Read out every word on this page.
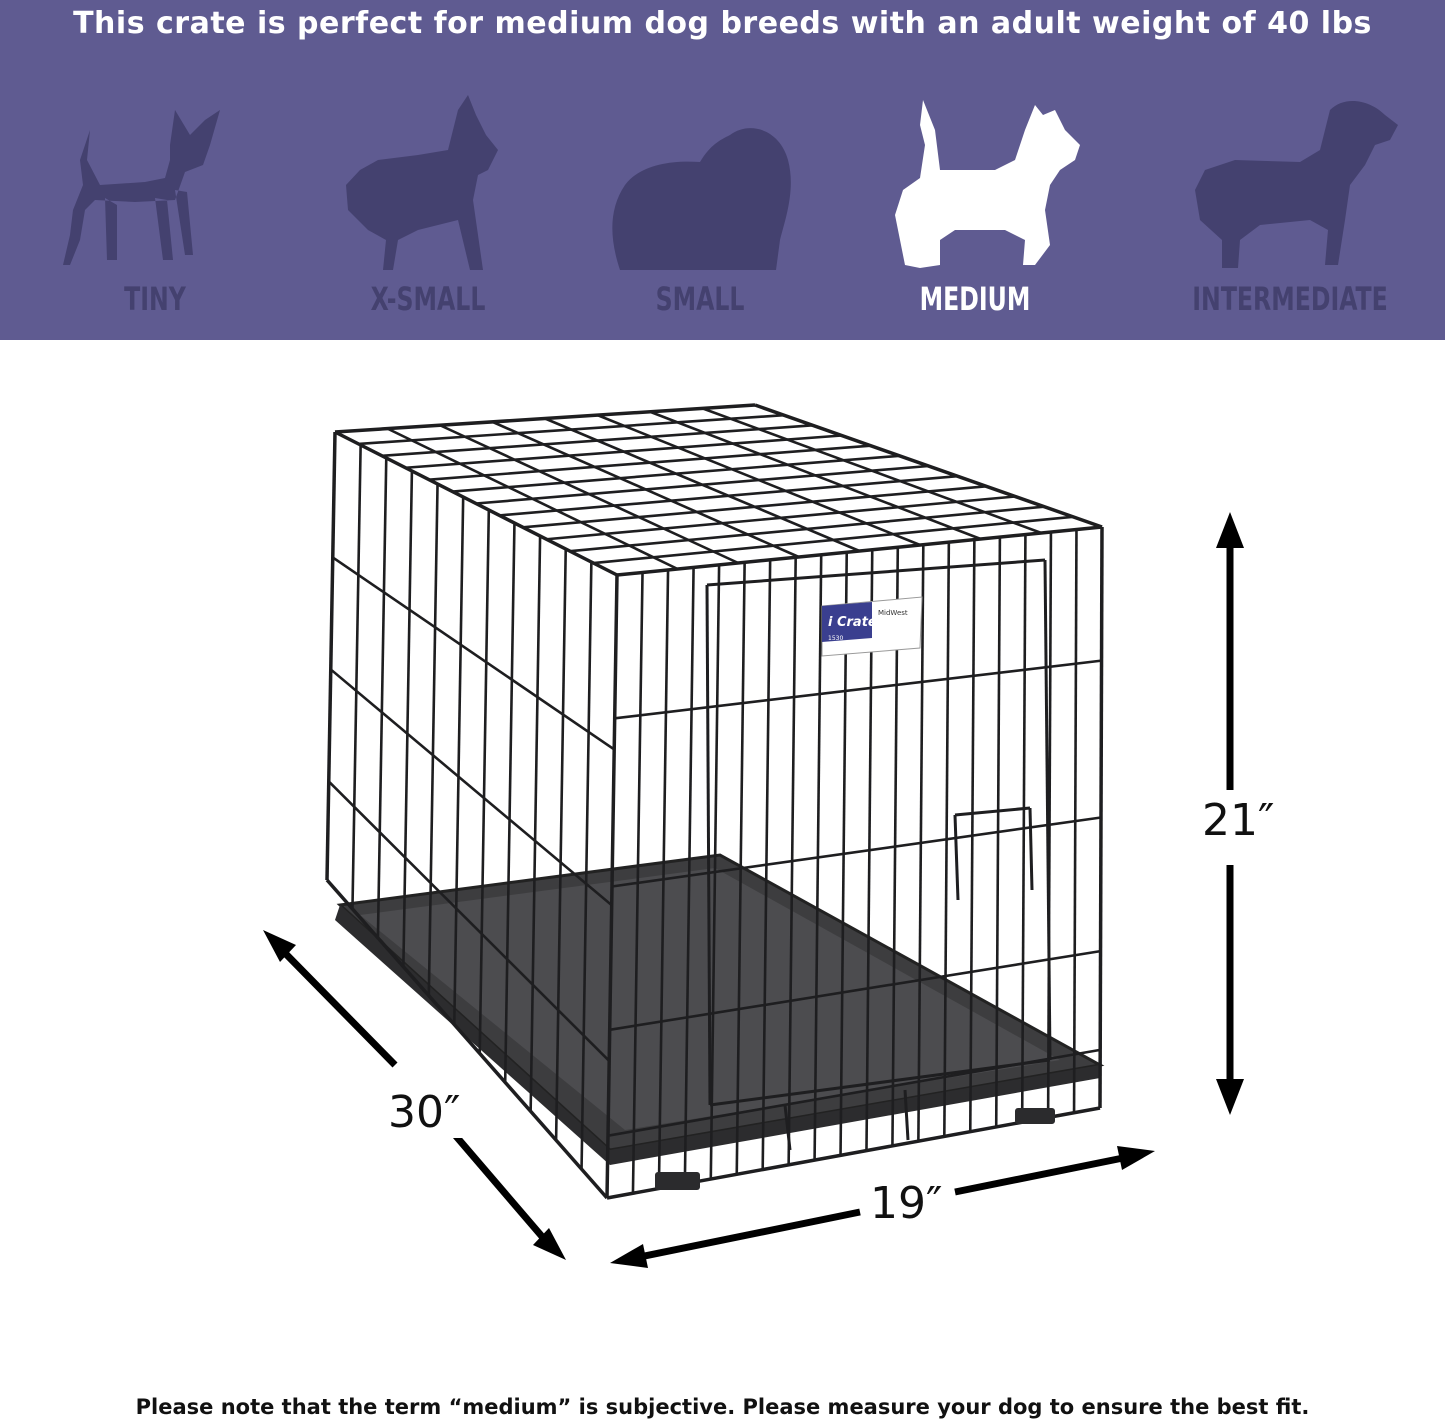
This crate is perfect for medium dog breeds with an adult weight of 40 lbs
TINY	X-SMALL	SMALL	MEDIUM	INTERMEDIATE
i Crate
MidWest
1530
21″
19″
30″
Please note that the term “medium” is subjective. Please measure your dog to ensure the best fit.
